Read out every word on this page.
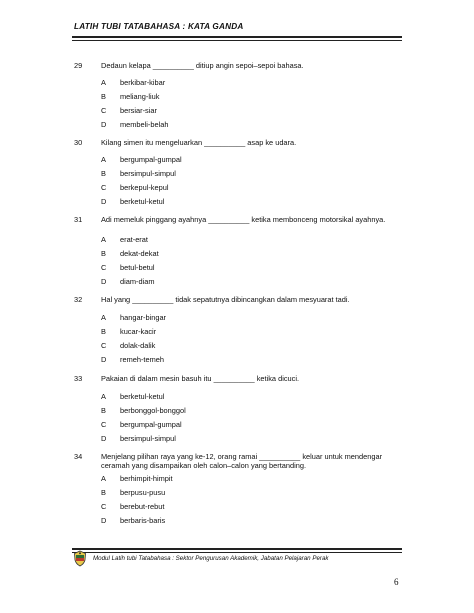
LATIH TUBI TATABAHASA : KATA GANDA
29	Dedaun kelapa __________ ditiup angin sepoi–sepoi bahasa.
A berkibar-kibar
B meliang-liuk
C bersiar-siar
D membeli-belah
30	Kilang simen itu mengeluarkan __________ asap ke udara.
A bergumpal-gumpal
B bersimpul-simpul
C berkepul-kepul
D berketul-ketul
31	Adi memeluk pinggang ayahnya __________ ketika membonceng motorsikal ayahnya.
A erat-erat
B dekat-dekat
C betul-betul
D diam-diam
32	Hal yang __________ tidak sepatutnya dibincangkan dalam mesyuarat tadi.
A hangar-bingar
B kucar-kacir
C dolak-dalik
D remeh-temeh
33	Pakaian di dalam mesin basuh itu __________ ketika dicuci.
A berketul-ketul
B berbonggol-bonggol
C bergumpal-gumpal
D bersimpul-simpul
34	Menjelang pilihan raya yang ke-12, orang ramai __________ keluar untuk mendengar ceramah yang disampaikan oleh calon–calon yang bertanding.
A berhimpit-himpit
B berpusu-pusu
C berebut-rebut
D berbaris-baris
Modul Latih tubi Tatabahasa : Sektor Pengurusan Akademik, Jabatan Pelajaran Perak
6
